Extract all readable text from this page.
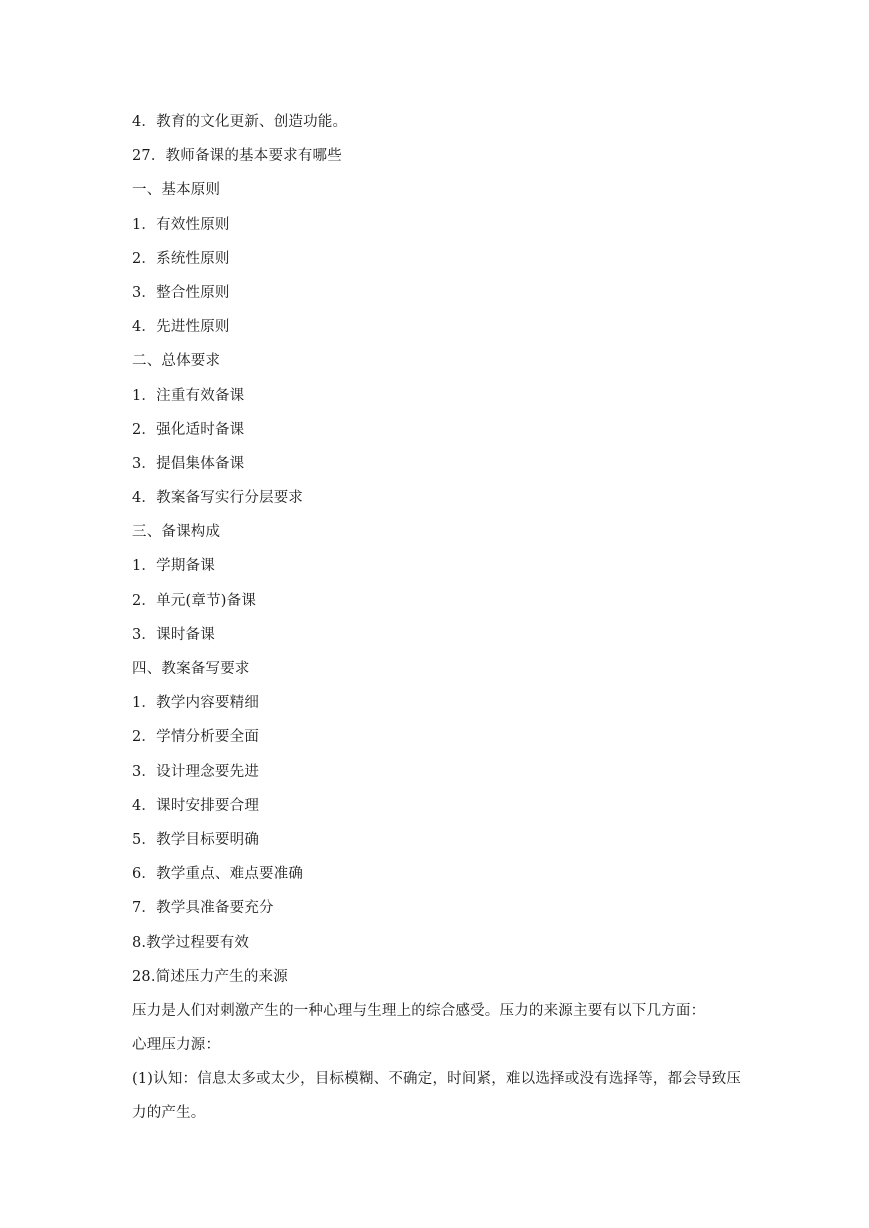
4．教育的文化更新、创造功能。
27．教师备课的基本要求有哪些
一、基本原则
1．有效性原则
2．系统性原则
3．整合性原则
4．先进性原则
二、总体要求
1．注重有效备课
2．强化适时备课
3．提倡集体备课
4．教案备写实行分层要求
三、备课构成
1．学期备课
2．单元(章节)备课
3．课时备课
四、教案备写要求
1．教学内容要精细
2．学情分析要全面
3．设计理念要先进
4．课时安排要合理
5．教学目标要明确
6．教学重点、难点要准确
7．教学具准备要充分
8.教学过程要有效
28.简述压力产生的来源
压力是人们对刺激产生的一种心理与生理上的综合感受。压力的来源主要有以下几方面：
心理压力源：
(1)认知：信息太多或太少，目标模糊、不确定，时间紧，难以选择或没有选择等，都会导致压力的产生。
